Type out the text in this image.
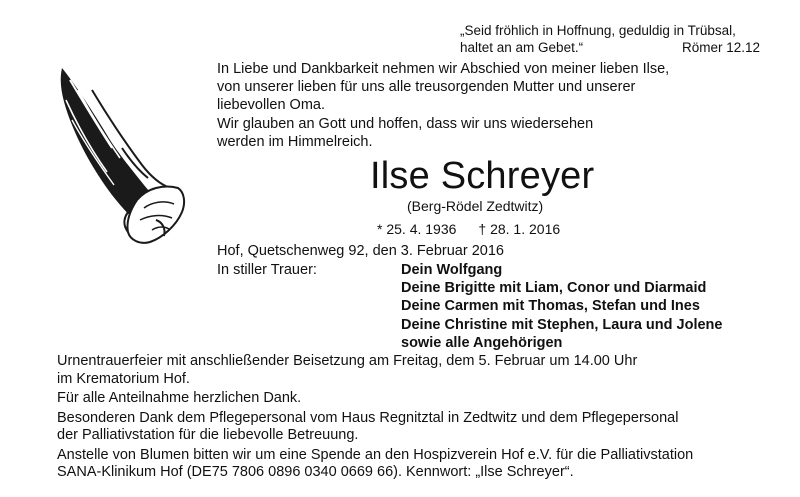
„Seid fröhlich in Hoffnung, geduldig in Trübsal,
haltet an am Gebet.“	Römer 12.12

In Liebe und Dankbarkeit nehmen wir Abschied von meiner lieben Ilse,
von unserer lieben für uns alle treusorgenden Mutter und unserer
liebevollen Oma.

Wir glauben an Gott und hoffen, dass wir uns wiedersehen
werden im Himmelreich.

Ilse Schreyer
(Berg-Rödel Zedtwitz)
* 25. 4. 1936 † 28. 1. 2016
Hof, Quetschenweg 92, den 3. Februar 2016
In stiller Trauer:	Dein Wolfgang
Deine Brigitte mit Liam, Conor und Diarmaid
Deine Carmen mit Thomas, Stefan und Ines
Deine Christine mit Stephen, Laura und Jolene
sowie alle Angehörigen

Urnentrauerfeier mit anschließender Beisetzung am Freitag, dem 5. Februar um 14.00 Uhr
im Krematorium Hof.

Für alle Anteilnahme herzlichen Dank.

Besonderen Dank dem Pflegepersonal vom Haus Regnitztal in Zedtwitz und dem Pflegepersonal
der Palliativstation für die liebevolle Betreuung.

Anstelle von Blumen bitten wir um eine Spende an den Hospizverein Hof e.V. für die Palliativstation
SANA-Klinikum Hof (DE75 7806 0896 0340 0669 66). Kennwort: „Ilse Schreyer“.
